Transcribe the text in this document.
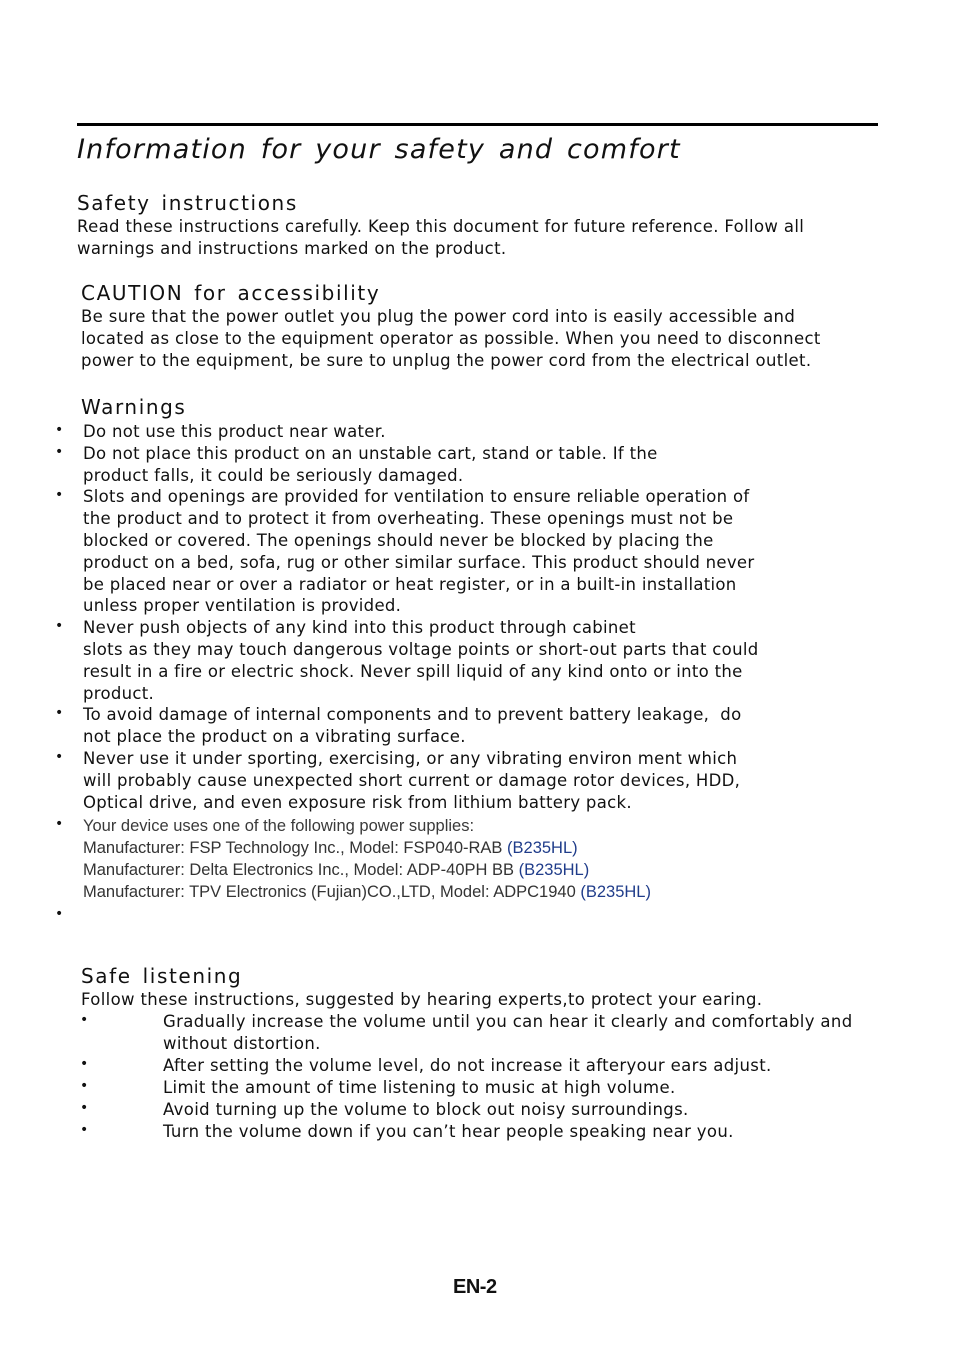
Information for your safety and comfort
Safety instructions

Read these instructions carefully. Keep this document for future reference. Follow all

warnings and instructions marked on the product.

CAUTION for accessibility

Be sure that the power outlet you plug the power cord into is easily accessible and

located as close to the equipment operator as possible. When you need to disconnect

power to the equipment, be sure to unplug the power cord from the electrical outlet.

Warnings
• Do not use this product near water.
• Do not place this product on an unstable cart, stand or table. If the
product falls, it could be seriously damaged.
• Slots and openings are provided for ventilation to ensure reliable operation of
the product and to protect it from overheating. These openings must not be
blocked or covered. The openings should never be blocked by placing the
product on a bed, sofa, rug or other similar surface. This product should never
be placed near or over a radiator or heat register, or in a built-in installation
unless proper ventilation is provided.
• Never push objects of any kind into this product through cabinet
slots as they may touch dangerous voltage points or short-out parts that could
result in a fire or electric shock. Never spill liquid of any kind onto or into the
product.
• To avoid damage of internal components and to prevent battery leakage,  do
not place the product on a vibrating surface.
• Never use it under sporting, exercising, or any vibrating environ ment which
will probably cause unexpected short current or damage rotor devices, HDD,
Optical drive, and even exposure risk from lithium battery pack.
• Your device uses one of the following power supplies:
Manufacturer: FSP Technology Inc., Model: FSP040-RAB (B235HL)
Manufacturer: Delta Electronics Inc., Model: ADP-40PH BB (B235HL)
Manufacturer: TPV Electronics (Fujian)CO.,LTD, Model: ADPC1940 (B235HL)
•
Safe listening

Follow these instructions, suggested by hearing experts,to protect your earing.

•	Gradually increase the volume until you can hear it clearly and comfortably and
without distortion.
•	After setting the volume level, do not increase it afteryour ears adjust.
•	Limit the amount of time listening to music at high volume.
•	Avoid turning up the volume to block out noisy surroundings.
•	Turn the volume down if you can’t hear people speaking near you.
EN-2
